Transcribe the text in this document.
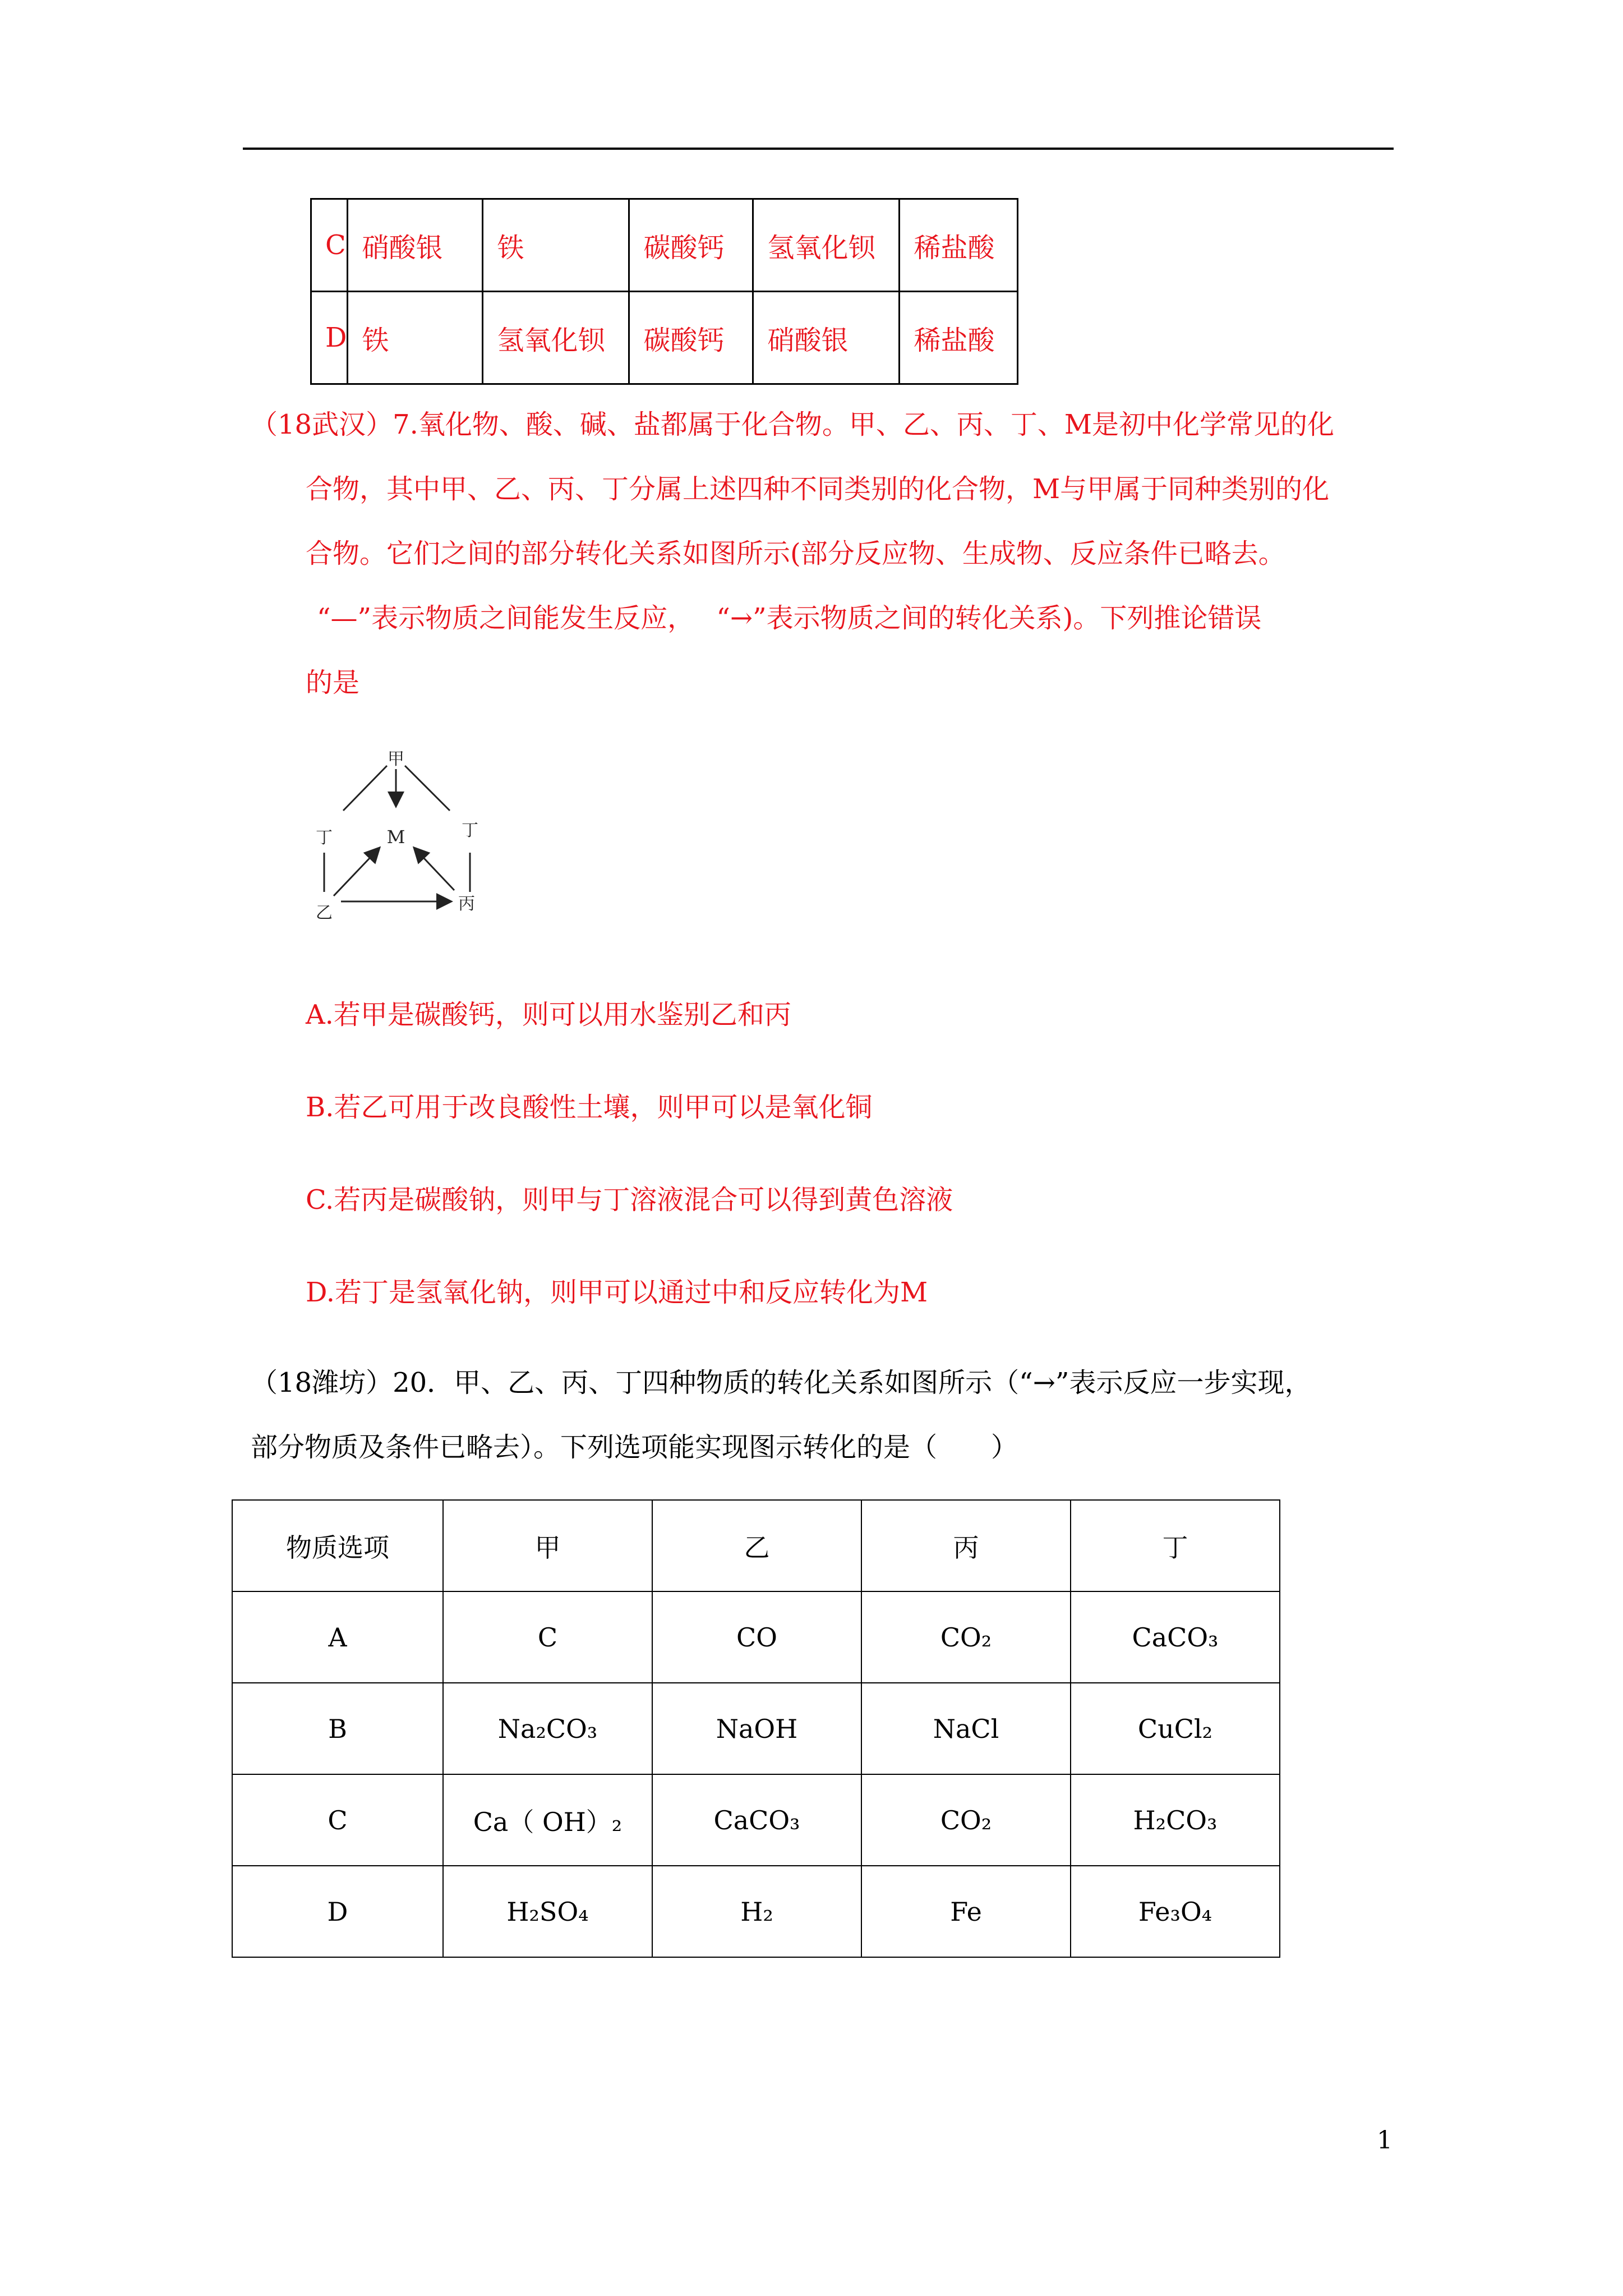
C	硝酸银	铁	碳酸钙	氢氧化钡	稀盐酸
D	铁	氢氧化钡	碳酸钙	硝酸银	稀盐酸
（18武汉）7.氧化物、酸、碱、盐都属于化合物。甲、乙、丙、丁、M是初中化学常见的化
合物，其中甲、乙、丙、丁分属上述四种不同类别的化合物，M与甲属于同种类别的化
合物。它们之间的部分转化关系如图所示(部分反应物、生成物、反应条件已略去。
“—”表示物质之间能发生反应，　 “→”表示物质之间的转化关系)。下列推论错误
的是
甲
M
丁	丁
乙	丙
A.若甲是碳酸钙，则可以用水鉴别乙和丙
B.若乙可用于改良酸性土壤，则甲可以是氧化铜
C.若丙是碳酸钠，则甲与丁溶液混合可以得到黄色溶液
D.若丁是氢氧化钠，则甲可以通过中和反应转化为M
（18潍坊）20．甲、乙、丙、丁四种物质的转化关系如图所示（“→”表示反应一步实现，
部分物质及条件已略去）。下列选项能实现图示转化的是（　　）
物质选项	甲	乙	丙	丁
A	C	CO	CO₂	CaCO₃
B	Na₂CO₃	NaOH	NaCl	CuCl₂
C	Ca（ OH）₂	CaCO₃	CO₂	H₂CO₃
D	H₂SO₄	H₂	Fe	Fe₃O₄
1
